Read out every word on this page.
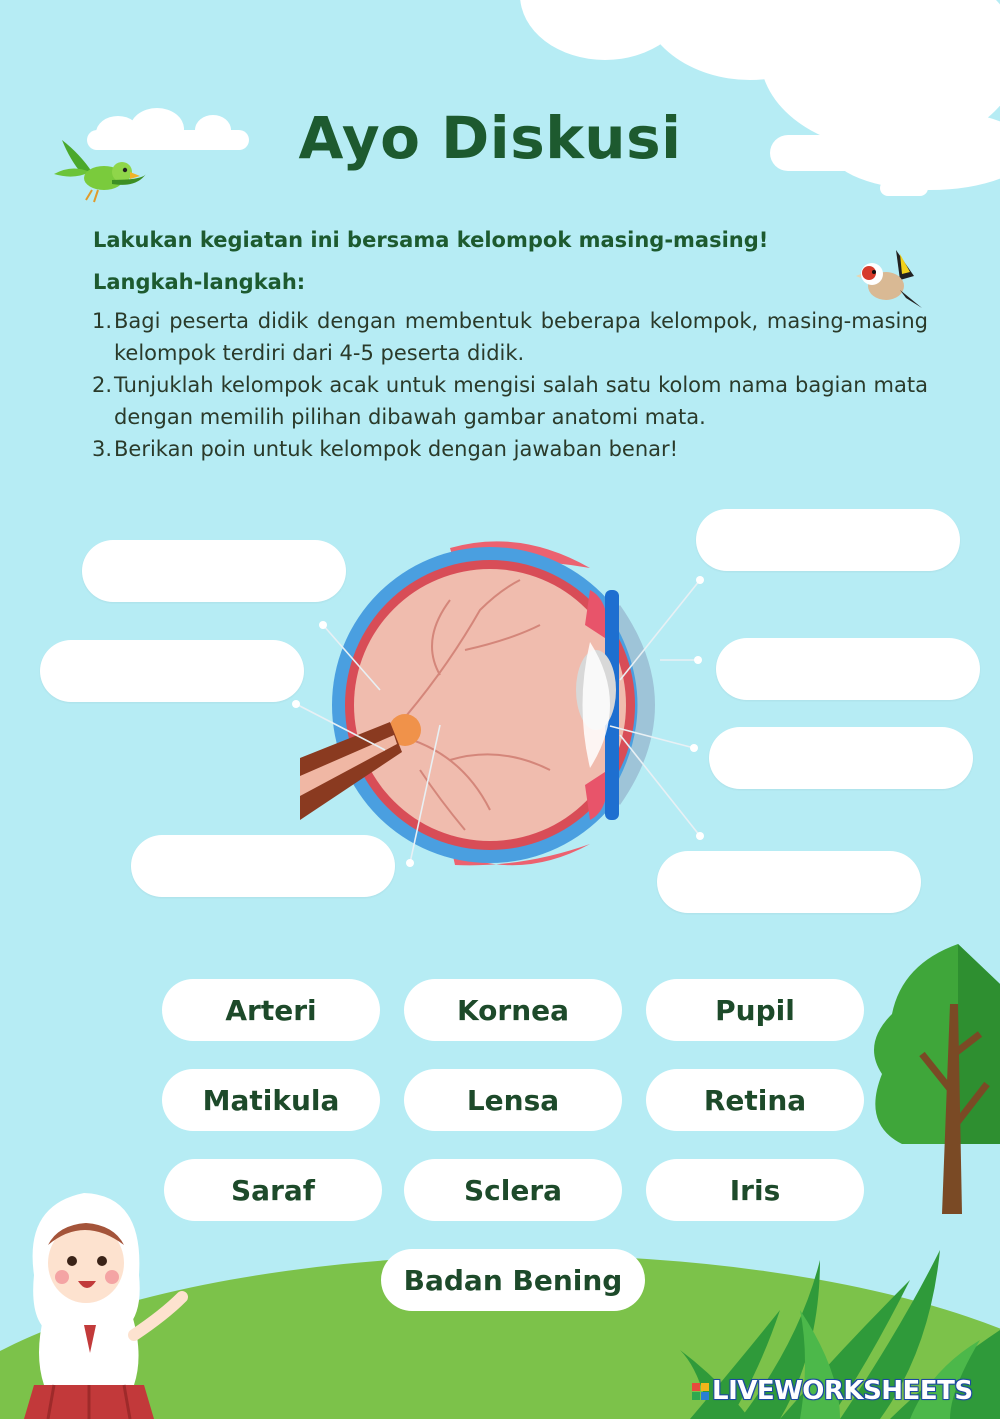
Ayo Diskusi

Lakukan kegiatan ini bersama kelompok masing-masing!

Langkah-langkah:

1. Bagi peserta didik dengan membentuk beberapa kelompok, masing-masing kelompok terdiri dari 4-5 peserta didik.
2. Tunjuklah kelompok acak untuk mengisi salah satu kolom nama bagian mata dengan memilih pilihan dibawah gambar anatomi mata.
3. Berikan poin untuk kelompok dengan jawaban benar!
Arteri	Kornea	Pupil
Matikula	Lensa	Retina
Saraf	Sclera	Iris
Badan Bening
LIVEWORKSHEETS
